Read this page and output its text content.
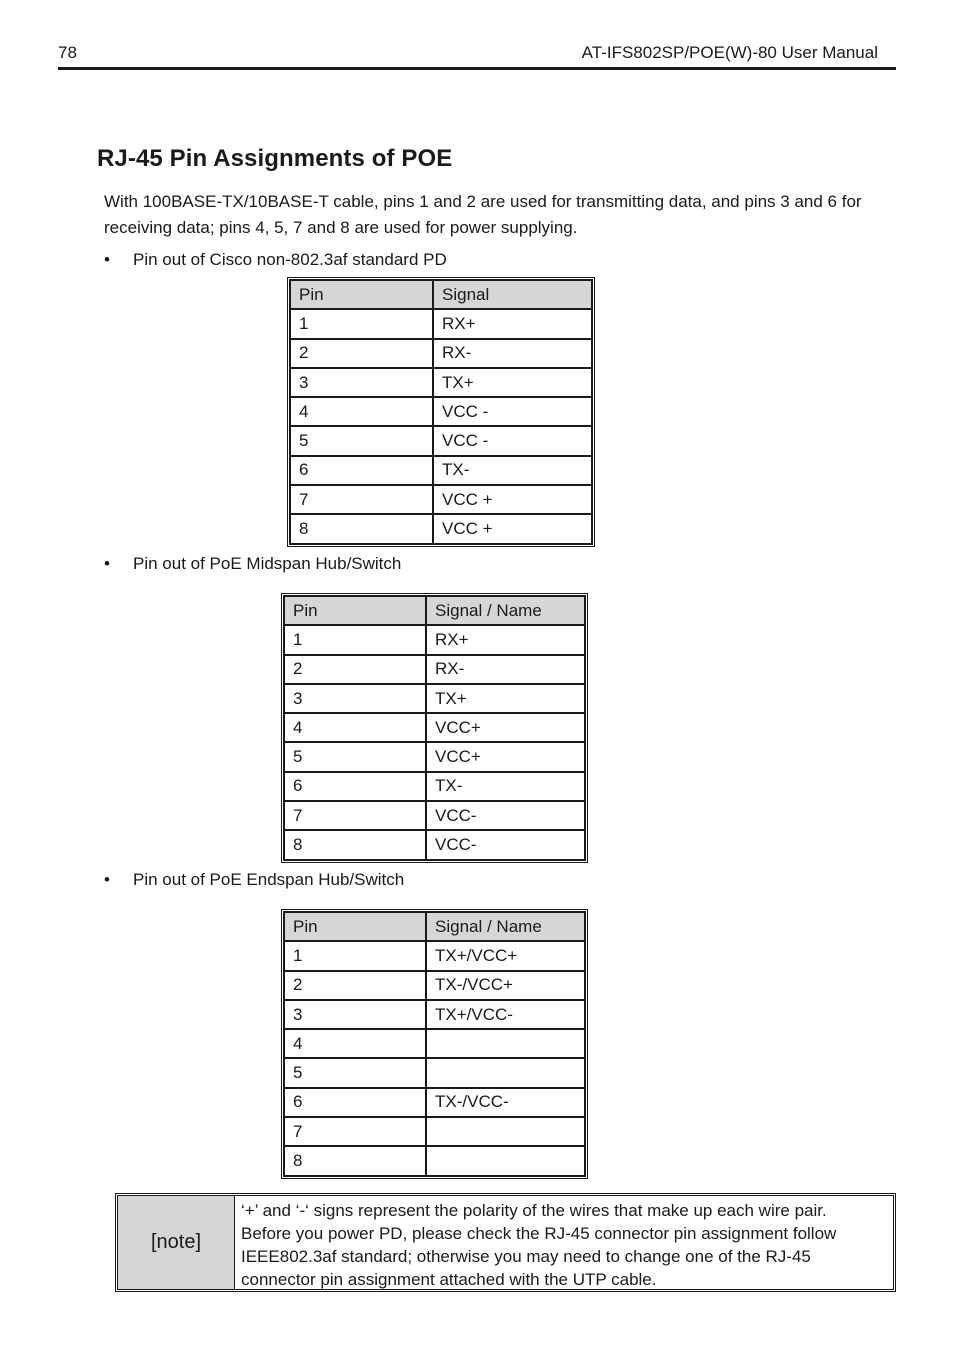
78	AT-IFS802SP/POE(W)-80 User Manual
RJ-45 Pin Assignments of POE

With 100BASE-TX/10BASE-T cable, pins 1 and 2 are used for transmitting data, and pins 3 and 6 for receiving data; pins 4, 5, 7 and 8 are used for power supplying.

• Pin out of Cisco non-802.3af standard PD
Pin	Signal
1	RX+
2	RX-
3	TX+
4	VCC -
5	VCC -
6	TX-
7	VCC +
8	VCC +
• Pin out of PoE Midspan Hub/Switch
Pin	Signal / Name
1	RX+
2	RX-
3	TX+
4	VCC+
5	VCC+
6	TX-
7	VCC-
8	VCC-
• Pin out of PoE Endspan Hub/Switch
Pin	Signal / Name
1	TX+/VCC+
2	TX-/VCC+
3	TX+/VCC-
4	
5	
6	TX-/VCC-
7	
8	
[note]
‘+’ and ‘-‘ signs represent the polarity of the wires that make up each wire pair.
Before you power PD, please check the RJ-45 connector pin assignment follow
IEEE802.3af standard; otherwise you may need to change one of the RJ-45
connector pin assignment attached with the UTP cable.
